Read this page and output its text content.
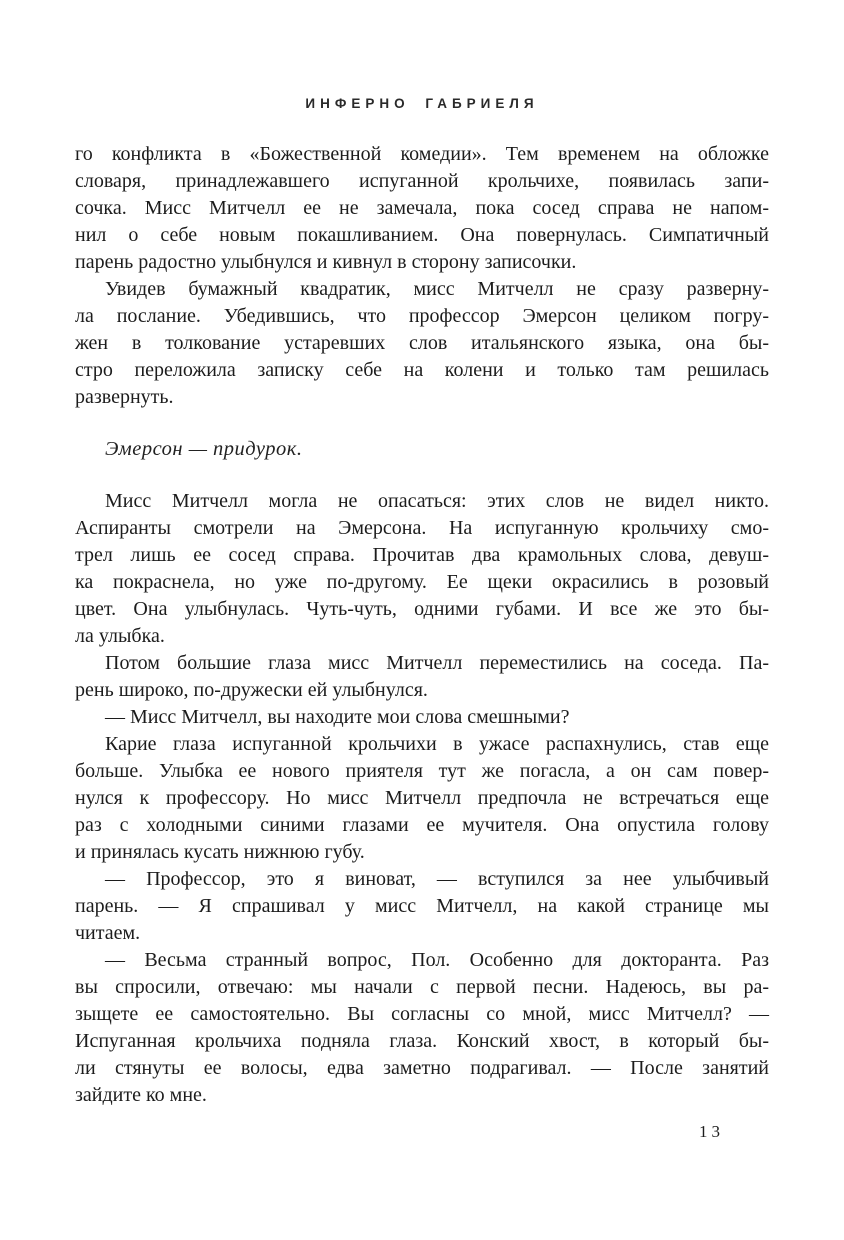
ИНФЕРНО ГАБРИЕЛЯ
го конфликта в «Божественной комедии». Тем временем на обложке
словаря, принадлежавшего испуганной крольчихе, появилась запи-
сочка. Мисс Митчелл ее не замечала, пока сосед справа не напом-
нил о себе новым покашливанием. Она повернулась. Симпатичный
парень радостно улыбнулся и кивнул в сторону записочки.
Увидев бумажный квадратик, мисс Митчелл не сразу разверну-
ла послание. Убедившись, что профессор Эмерсон целиком погру-
жен в толкование устаревших слов итальянского языка, она бы-
стро переложила записку себе на колени и только там решилась
развернуть.
Эмерсон — придурок.
Мисс Митчелл могла не опасаться: этих слов не видел никто.
Аспиранты смотрели на Эмерсона. На испуганную крольчиху смо-
трел лишь ее сосед справа. Прочитав два крамольных слова, девуш-
ка покраснела, но уже по-другому. Ее щеки окрасились в розовый
цвет. Она улыбнулась. Чуть-чуть, одними губами. И все же это бы-
ла улыбка.
Потом большие глаза мисс Митчелл переместились на соседа. Па-
рень широко, по-дружески ей улыбнулся.
— Мисс Митчелл, вы находите мои слова смешными?
Карие глаза испуганной крольчихи в ужасе распахнулись, став еще
больше. Улыбка ее нового приятеля тут же погасла, а он сам повер-
нулся к профессору. Но мисс Митчелл предпочла не встречаться еще
раз с холодными синими глазами ее мучителя. Она опустила голову
и принялась кусать нижнюю губу.
— Профессор, это я виноват, — вступился за нее улыбчивый
парень. — Я спрашивал у мисс Митчелл, на какой странице мы
читаем.
— Весьма странный вопрос, Пол. Особенно для докторанта. Раз
вы спросили, отвечаю: мы начали с первой песни. Надеюсь, вы ра-
зыщете ее самостоятельно. Вы согласны со мной, мисс Митчелл? —
Испуганная крольчиха подняла глаза. Конский хвост, в который бы-
ли стянуты ее волосы, едва заметно подрагивал. — После занятий
зайдите ко мне.
13
